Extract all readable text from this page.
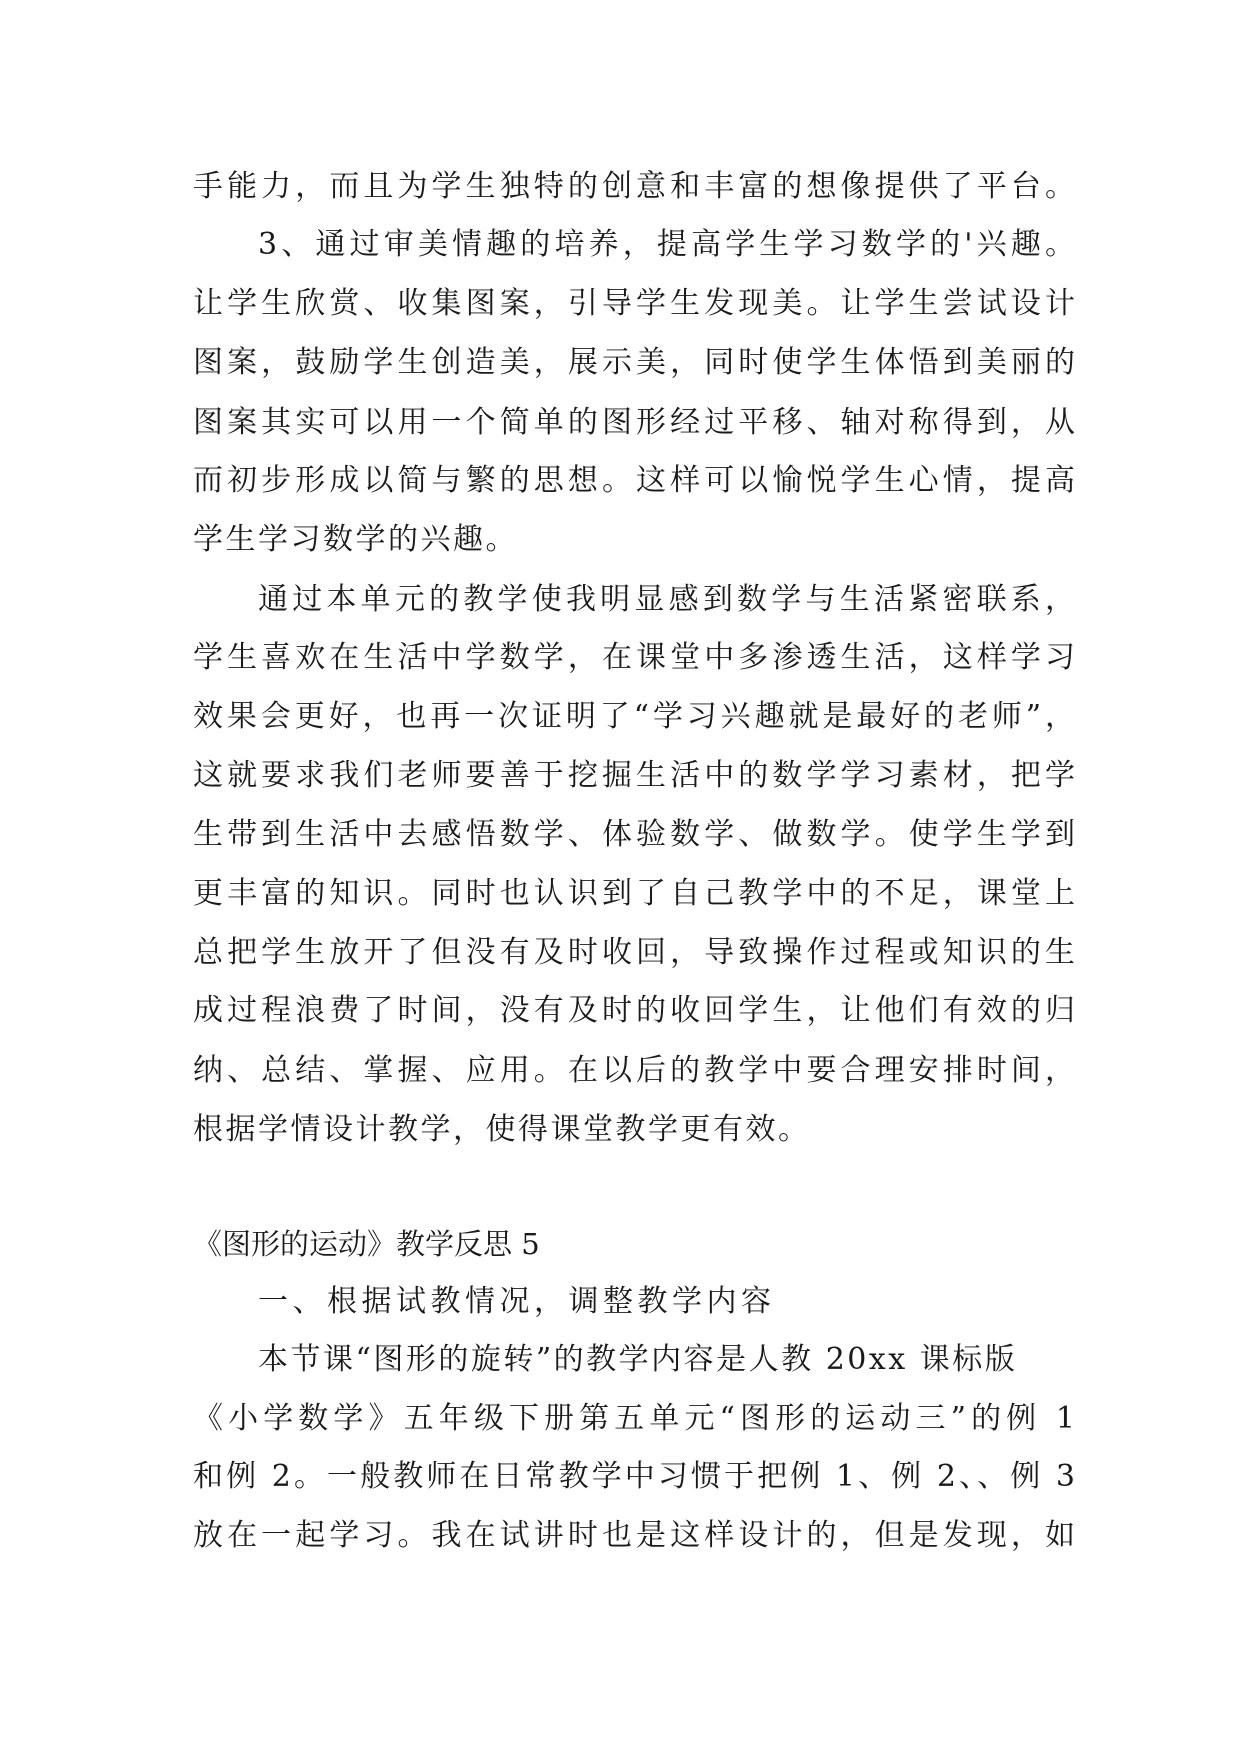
手能力，而且为学生独特的创意和丰富的想像提供了平台。
3、通过审美情趣的培养，提高学生学习数学的'兴趣。
让学生欣赏、收集图案，引导学生发现美。让学生尝试设计
图案，鼓励学生创造美，展示美，同时使学生体悟到美丽的
图案其实可以用一个简单的图形经过平移、轴对称得到，从
而初步形成以简与繁的思想。这样可以愉悦学生心情，提高
学生学习数学的兴趣。
通过本单元的教学使我明显感到数学与生活紧密联系，
学生喜欢在生活中学数学，在课堂中多渗透生活，这样学习
效果会更好，也再一次证明了“学习兴趣就是最好的老师”，
这就要求我们老师要善于挖掘生活中的数学学习素材，把学
生带到生活中去感悟数学、体验数学、做数学。使学生学到
更丰富的知识。同时也认识到了自己教学中的不足，课堂上
总把学生放开了但没有及时收回，导致操作过程或知识的生
成过程浪费了时间，没有及时的收回学生，让他们有效的归
纳、总结、掌握、应用。在以后的教学中要合理安排时间，
根据学情设计教学，使得课堂教学更有效。
《图形的运动》教学反思 5
一、根据试教情况，调整教学内容
本节课“图形的旋转”的教学内容是人教 20xx 课标版
《小学数学》五年级下册第五单元“图形的运动三”的例 1
和例 2。一般教师在日常教学中习惯于把例 1、例 2、、例 3
放在一起学习。我在试讲时也是这样设计的，但是发现，如
